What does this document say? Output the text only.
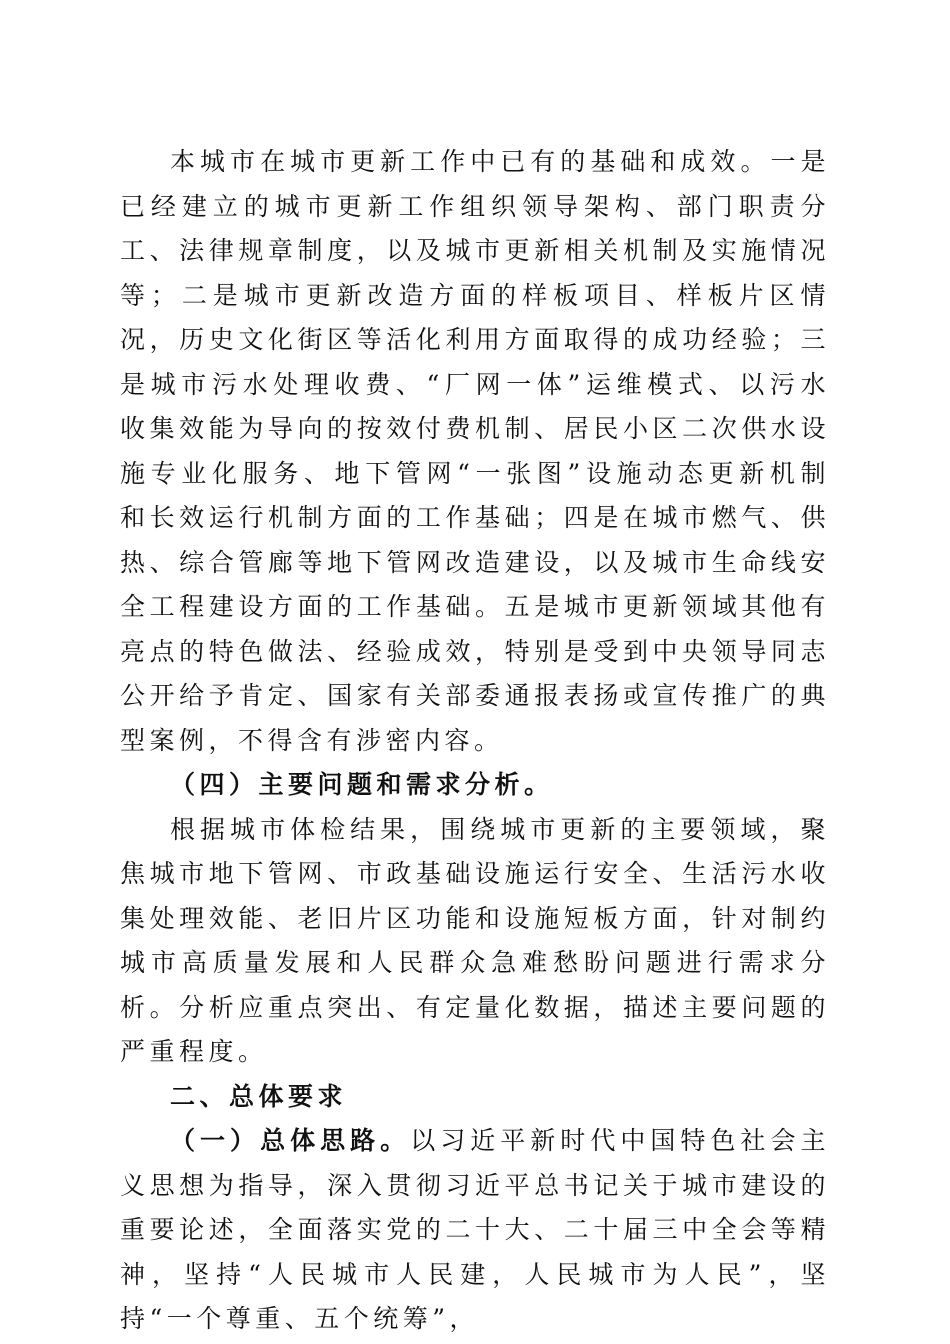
本城市在城市更新工作中已有的基础和成效。一是已经建立的城市更新工作组织领导架构、部门职责分工、法律规章制度，以及城市更新相关机制及实施情况等；二是城市更新改造方面的样板项目、样板片区情况，历史文化街区等活化利用方面取得的成功经验；三是城市污水处理收费、“厂网一体”运维模式、以污水收集效能为导向的按效付费机制、居民小区二次供水设施专业化服务、地下管网“一张图”设施动态更新机制和长效运行机制方面的工作基础；四是在城市燃气、供热、综合管廊等地下管网改造建设，以及城市生命线安全工程建设方面的工作基础。五是城市更新领域其他有亮点的特色做法、经验成效，特别是受到中央领导同志公开给予肯定、国家有关部委通报表扬或宣传推广的典型案例，不得含有涉密内容。

（四）主要问题和需求分析。

根据城市体检结果，围绕城市更新的主要领域，聚焦城市地下管网、市政基础设施运行安全、生活污水收集处理效能、老旧片区功能和设施短板方面，针对制约城市高质量发展和人民群众急难愁盼问题进行需求分析。分析应重点突出、有定量化数据，描述主要问题的严重程度。

二、总体要求

（一）总体思路。以习近平新时代中国特色社会主义思想为指导，深入贯彻习近平总书记关于城市建设的重要论述，全面落实党的二十大、二十届三中全会等精神，坚持“人民城市人民建，人民城市为人民”，坚持“一个尊重、五个统筹”，
